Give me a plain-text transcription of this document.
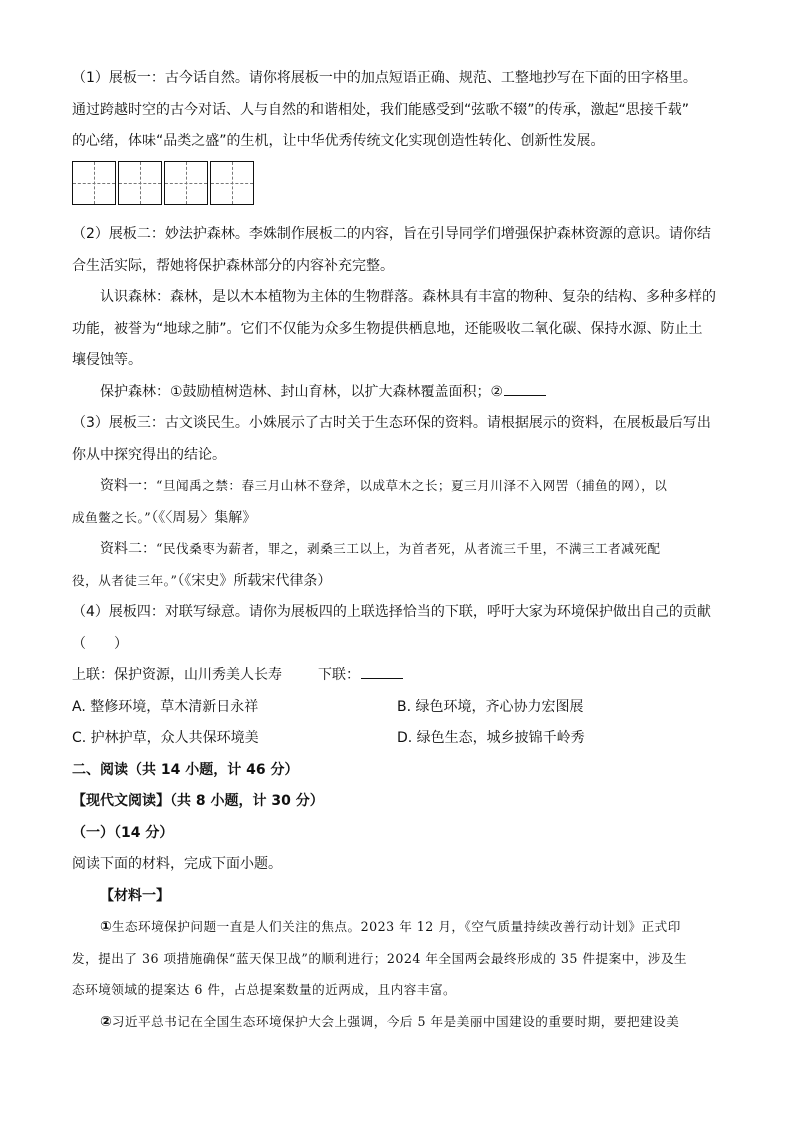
（1）展板一：古今话自然。请你将展板一中的加点短语正确、规范、工整地抄写在下面的田字格里。
通过跨越时空的古今对话、人与自然的和谐相处，我们能感受到“弦歌不辍”的传承，激起“思接千载”
的心绪，体味“品类之盛”的生机，让中华优秀传统文化实现创造性转化、创新性发展。
（2）展板二：妙法护森林。李姝制作展板二的内容，旨在引导同学们增强保护森林资源的意识。请你结
合生活实际，帮她将保护森林部分的内容补充完整。
认识森林：森林，是以木本植物为主体的生物群落。森林具有丰富的物种、复杂的结构、多种多样的
功能，被誉为“地球之肺”。它们不仅能为众多生物提供栖息地，还能吸收二氧化碳、保持水源、防止土
壤侵蚀等。
保护森林：①鼓励植树造林、封山育林，以扩大森林覆盖面积；②
（3）展板三：古文谈民生。小姝展示了古时关于生态环保的资料。请根据展示的资料，在展板最后写出
你从中探究得出的结论。
资料一：“旦闻禹之禁：春三月山林不登斧，以成草木之长；夏三月川泽不入网罟（捕鱼的网），以
成鱼鳖之长。”（《〈周易〉集解》
资料二：“民伐桑枣为薪者，罪之，剥桑三工以上，为首者死，从者流三千里，不满三工者减死配
役，从者徒三年。”（《宋史》所载宋代律条）
（4）展板四：对联写绿意。请你为展板四的上联选择恰当的下联，呼吁大家为环境保护做出自己的贡献
（　　）
上联：保护资源，山川秀美人长寿	下联：
A. 整修环境，草木清新日永祥	B. 绿色环境，齐心协力宏图展
C. 护林护草，众人共保环境美	D. 绿色生态，城乡披锦千岭秀
二、阅读（共 14 小题，计 46 分）
【现代文阅读】（共 8 小题，计 30 分）
（一）（14 分）
阅读下面的材料，完成下面小题。
【材料一】
①生态环境保护问题一直是人们关注的焦点。2023 年 12 月，《空气质量持续改善行动计划》正式印
发，提出了 36 项措施确保“蓝天保卫战”的顺利进行；2024 年全国两会最终形成的 35 件提案中，涉及生
态环境领域的提案达 6 件，占总提案数量的近两成，且内容丰富。
②习近平总书记在全国生态环境保护大会上强调，今后 5 年是美丽中国建设的重要时期，要把建设美
